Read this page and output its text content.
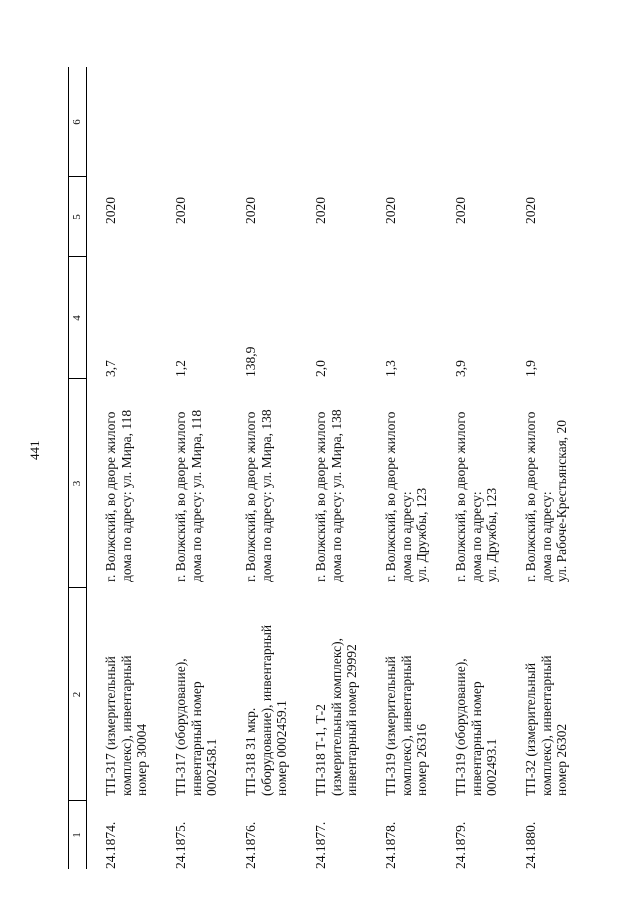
441
1
2
3
4
5
6
24.1874.
ТП-317 (измерительный комплекс), инвентарный номер 30004
г. Волжский, во дворе жилого дома по адресу: ул. Мира, 118
3,7
2020
24.1875.
ТП-317 (оборудование), инвентарный номер 0002458.1
г. Волжский, во дворе жилого дома по адресу: ул. Мира, 118
1,2
2020
24.1876.
ТП-318 31 мкр. (оборудование), инвентарный номер 0002459.1
г. Волжский, во дворе жилого дома по адресу: ул. Мира, 138
138,9
2020
24.1877.
ТП-318 Т-1, Т-2 (измерительный комплекс), инвентарный номер 29992
г. Волжский, во дворе жилого дома по адресу: ул. Мира, 138
2,0
2020
24.1878.
ТП-319 (измерительный комплекс), инвентарный номер 26316
г. Волжский, во дворе жилого дома по адресу: ул. Дружбы, 123
1,3
2020
24.1879.
ТП-319 (оборудование), инвентарный номер 0002493.1
г. Волжский, во дворе жилого дома по адресу: ул. Дружбы, 123
3,9
2020
24.1880.
ТП-32 (измерительный комплекс), инвентарный номер 26302
г. Волжский, во дворе жилого дома по адресу: ул. Рабоче-Крестьянская, 20
1,9
2020
